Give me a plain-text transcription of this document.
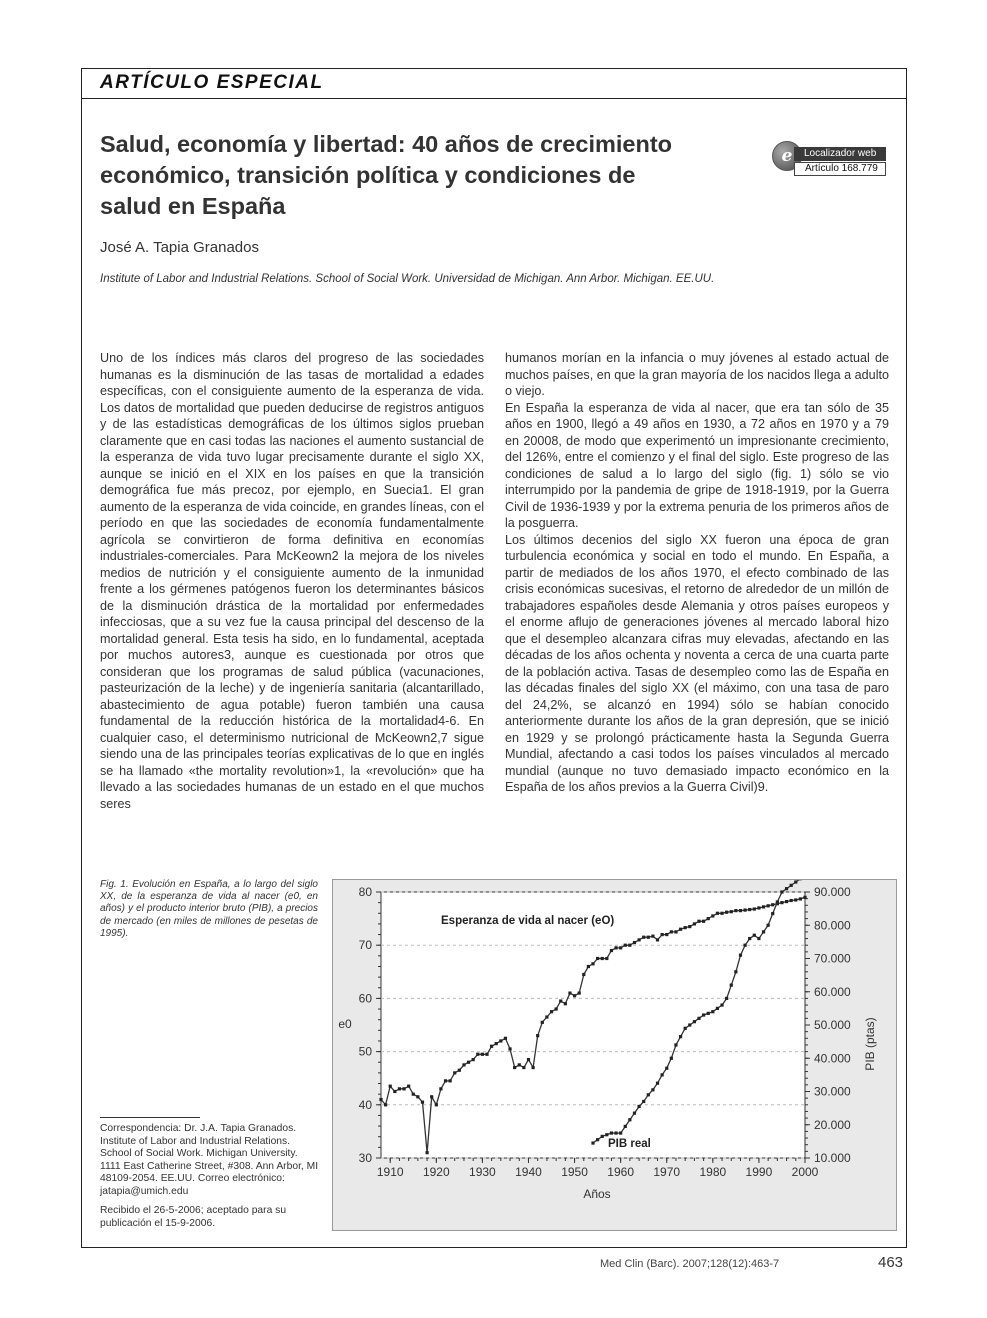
ARTÍCULO ESPECIAL
Salud, economía y libertad: 40 años de crecimiento económico, transición política y condiciones de salud en España
e	Localizador web
Artículo 168.779
José A. Tapia Granados
Institute of Labor and Industrial Relations. School of Social Work. Universidad de Michigan. Ann Arbor. Michigan. EE.UU.

Uno de los índices más claros del progreso de las sociedades humanas es la disminución de las tasas de mortalidad a edades específicas, con el consiguiente aumento de la esperanza de vida. Los datos de mortalidad que pueden deducirse de registros antiguos y de las estadísticas demográficas de los últimos siglos prueban claramente que en casi todas las naciones el aumento sustancial de la esperanza de vida tuvo lugar precisamente durante el siglo XX, aunque se inició en el XIX en los países en que la transición demográfica fue más precoz, por ejemplo, en Suecia1. El gran aumento de la esperanza de vida coincide, en grandes líneas, con el período en que las sociedades de economía fundamentalmente agrícola se convirtieron de forma definitiva en economías industriales-comerciales. Para McKeown2 la mejora de los niveles medios de nutrición y el consiguiente aumento de la inmunidad frente a los gérmenes patógenos fueron los determinantes básicos de la disminución drástica de la mortalidad por enfermedades infecciosas, que a su vez fue la causa principal del descenso de la mortalidad general. Esta tesis ha sido, en lo fundamental, aceptada por muchos autores3, aunque es cuestionada por otros que consideran que los programas de salud pública (vacunaciones, pasteurización de la leche) y de ingeniería sanitaria (alcantarillado, abastecimiento de agua potable) fueron también una causa fundamental de la reducción histórica de la mortalidad4-6. En cualquier caso, el determinismo nutricional de McKeown2,7 sigue siendo una de las principales teorías explicativas de lo que en inglés se ha llamado «the mortality revolution»1, la «revolución» que ha llevado a las sociedades humanas de un estado en el que muchos seres

humanos morían en la infancia o muy jóvenes al estado actual de muchos países, en que la gran mayoría de los nacidos llega a adulto o viejo.

En España la esperanza de vida al nacer, que era tan sólo de 35 años en 1900, llegó a 49 años en 1930, a 72 años en 1970 y a 79 en 20008, de modo que experimentó un impresionante crecimiento, del 126%, entre el comienzo y el final del siglo. Este progreso de las condiciones de salud a lo largo del siglo (fig. 1) sólo se vio interrumpido por la pandemia de gripe de 1918-1919, por la Guerra Civil de 1936-1939 y por la extrema penuria de los primeros años de la posguerra.

Los últimos decenios del siglo XX fueron una época de gran turbulencia económica y social en todo el mundo. En España, a partir de mediados de los años 1970, el efecto combinado de las crisis económicas sucesivas, el retorno de alrededor de un millón de trabajadores españoles desde Alemania y otros países europeos y el enorme aflujo de generaciones jóvenes al mercado laboral hizo que el desempleo alcanzara cifras muy elevadas, afectando en las décadas de los años ochenta y noventa a cerca de una cuarta parte de la población activa. Tasas de desempleo como las de España en las décadas finales del siglo XX (el máximo, con una tasa de paro del 24,2%, se alcanzó en 1994) sólo se habían conocido anteriormente durante los años de la gran depresión, que se inició en 1929 y se prolongó prácticamente hasta la Segunda Guerra Mundial, afectando a casi todos los países vinculados al mercado mundial (aunque no tuvo demasiado impacto económico en la España de los años previos a la Guerra Civil)9.

Fig. 1. Evolución en España, a lo largo del siglo XX, de la esperanza de vida al nacer (e0, en años) y el producto interior bruto (PIB), a precios de mercado (en miles de millones de pesetas de 1995).
Correspondencia: Dr. J.A. Tapia Granados. Institute of Labor and Industrial Relations. School of Social Work. Michigan University. 1111 East Catherine Street, #308. Ann Arbor, MI 48109-2054. EE.UU. Correo electrónico: jatapia@umich.edu
Recibido el 26-5-2006; aceptado para su publicación el 15-9-2006.
30
40
50
60
70
80
10.000
20.000
30.000
40.000
50.000
60.000
70.000
80.000
90.000
1910 1920 1930 1940 1950 1960 1970 1980 1990 2000
Años
e0	PIB (ptas)
Esperanza de vida al nacer (eO)
PIB real
Med Clin (Barc). 2007;128(12):463-7	463
